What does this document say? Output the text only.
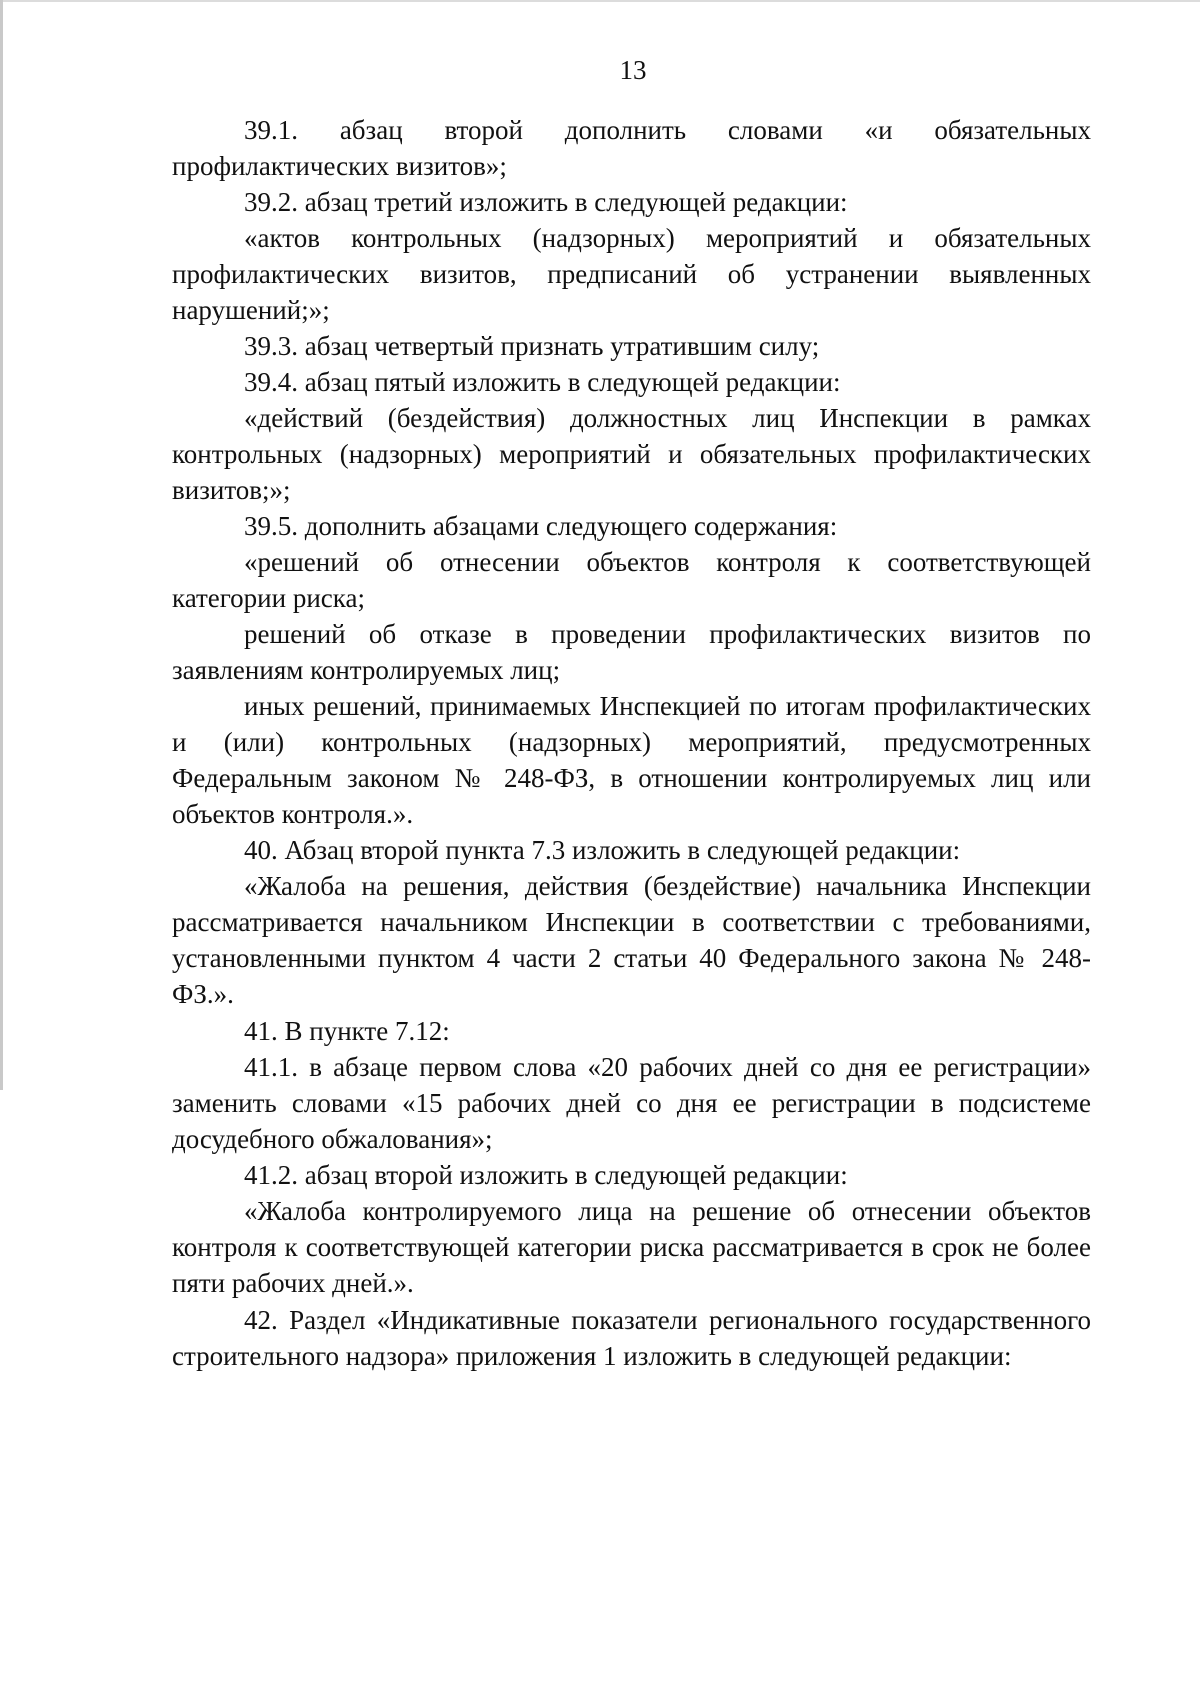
13

39.1. абзац второй дополнить словами «и обязательных профилактических визитов»;

39.2. абзац третий изложить в следующей редакции:

«актов контрольных (надзорных) мероприятий и обязательных профилактических визитов, предписаний об устранении выявленных нарушений;»;

39.3. абзац четвертый признать утратившим силу;

39.4. абзац пятый изложить в следующей редакции:

«действий (бездействия) должностных лиц Инспекции в рамках контрольных (надзорных) мероприятий и обязательных профилактических визитов;»;

39.5. дополнить абзацами следующего содержания:

«решений об отнесении объектов контроля к соответствующей категории риска;

решений об отказе в проведении профилактических визитов по заявлениям контролируемых лиц;

иных решений, принимаемых Инспекцией по итогам профилактических и (или) контрольных (надзорных) мероприятий, предусмотренных Федеральным законом № 248-ФЗ, в отношении контролируемых лиц или объектов контроля.».

40. Абзац второй пункта 7.3 изложить в следующей редакции:

«Жалоба на решения, действия (бездействие) начальника Инспекции рассматривается начальником Инспекции в соответствии с требованиями, установленными пунктом 4 части 2 статьи 40 Федерального закона № 248-ФЗ.».

41. В пункте 7.12:

41.1. в абзаце первом слова «20 рабочих дней со дня ее регистрации» заменить словами «15 рабочих дней со дня ее регистрации в подсистеме досудебного обжалования»;

41.2. абзац второй изложить в следующей редакции:

«Жалоба контролируемого лица на решение об отнесении объектов контроля к соответствующей категории риска рассматривается в срок не более пяти рабочих дней.».

42. Раздел «Индикативные показатели регионального государственного строительного надзора» приложения 1 изложить в следующей редакции:
